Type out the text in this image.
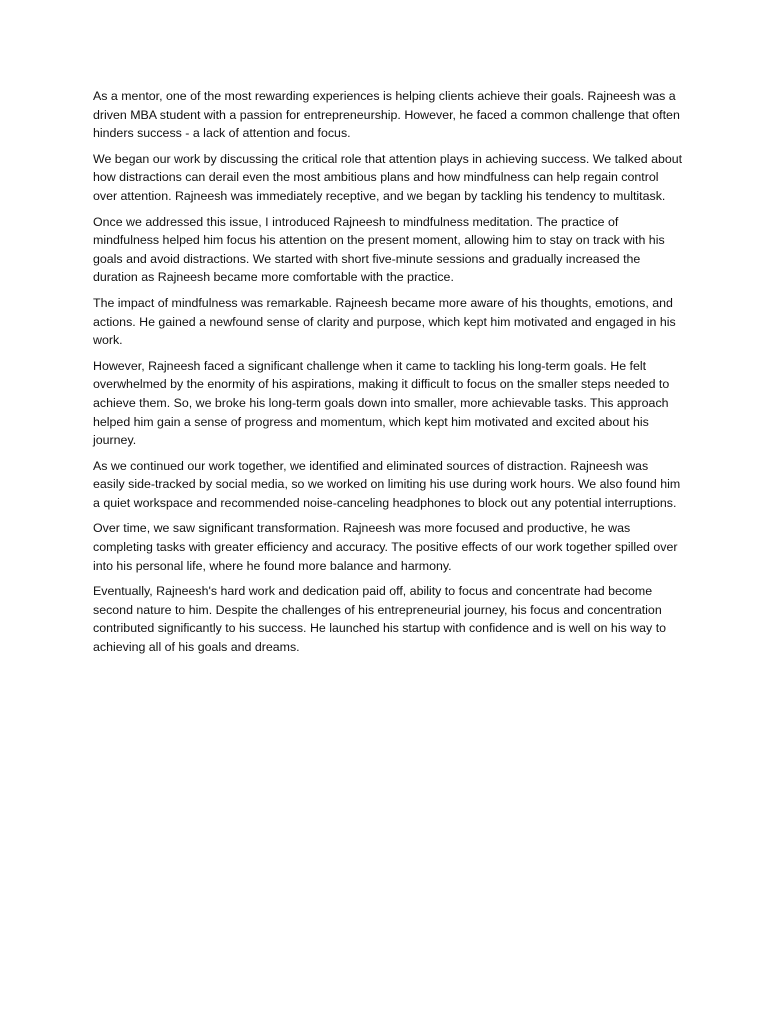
As a mentor, one of the most rewarding experiences is helping clients achieve their goals. Rajneesh was a driven MBA student with a passion for entrepreneurship. However, he faced a common challenge that often hinders success - a lack of attention and focus.

We began our work by discussing the critical role that attention plays in achieving success. We talked about how distractions can derail even the most ambitious plans and how mindfulness can help regain control over attention. Rajneesh was immediately receptive, and we began by tackling his tendency to multitask.

Once we addressed this issue, I introduced Rajneesh to mindfulness meditation. The practice of mindfulness helped him focus his attention on the present moment, allowing him to stay on track with his goals and avoid distractions. We started with short five-minute sessions and gradually increased the duration as Rajneesh became more comfortable with the practice.

The impact of mindfulness was remarkable. Rajneesh became more aware of his thoughts, emotions, and actions. He gained a newfound sense of clarity and purpose, which kept him motivated and engaged in his work.

However, Rajneesh faced a significant challenge when it came to tackling his long-term goals. He felt overwhelmed by the enormity of his aspirations, making it difficult to focus on the smaller steps needed to achieve them. So, we broke his long-term goals down into smaller, more achievable tasks. This approach helped him gain a sense of progress and momentum, which kept him motivated and excited about his journey.

As we continued our work together, we identified and eliminated sources of distraction. Rajneesh was easily side-tracked by social media, so we worked on limiting his use during work hours. We also found him a quiet workspace and recommended noise-canceling headphones to block out any potential interruptions.

Over time, we saw significant transformation. Rajneesh was more focused and productive, he was completing tasks with greater efficiency and accuracy. The positive effects of our work together spilled over into his personal life, where he found more balance and harmony.

Eventually, Rajneesh's hard work and dedication paid off, ability to focus and concentrate had become second nature to him. Despite the challenges of his entrepreneurial journey, his focus and concentration contributed significantly to his success. He launched his startup with confidence and is well on his way to achieving all of his goals and dreams.
